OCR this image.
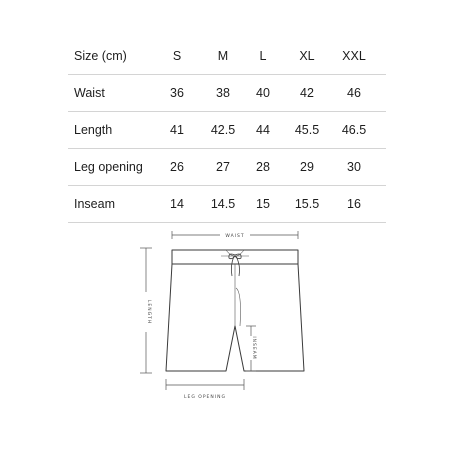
Size (cm)	S	M	L	XL	XXL
Waist	36	38	40	42	46
Length	41	42.5	44	45.5	46.5
Leg opening	26	27	28	29	30
Inseam	14	14.5	15	15.5	16
WAIST
LENGTH
INSEAM
LEG OPENING
